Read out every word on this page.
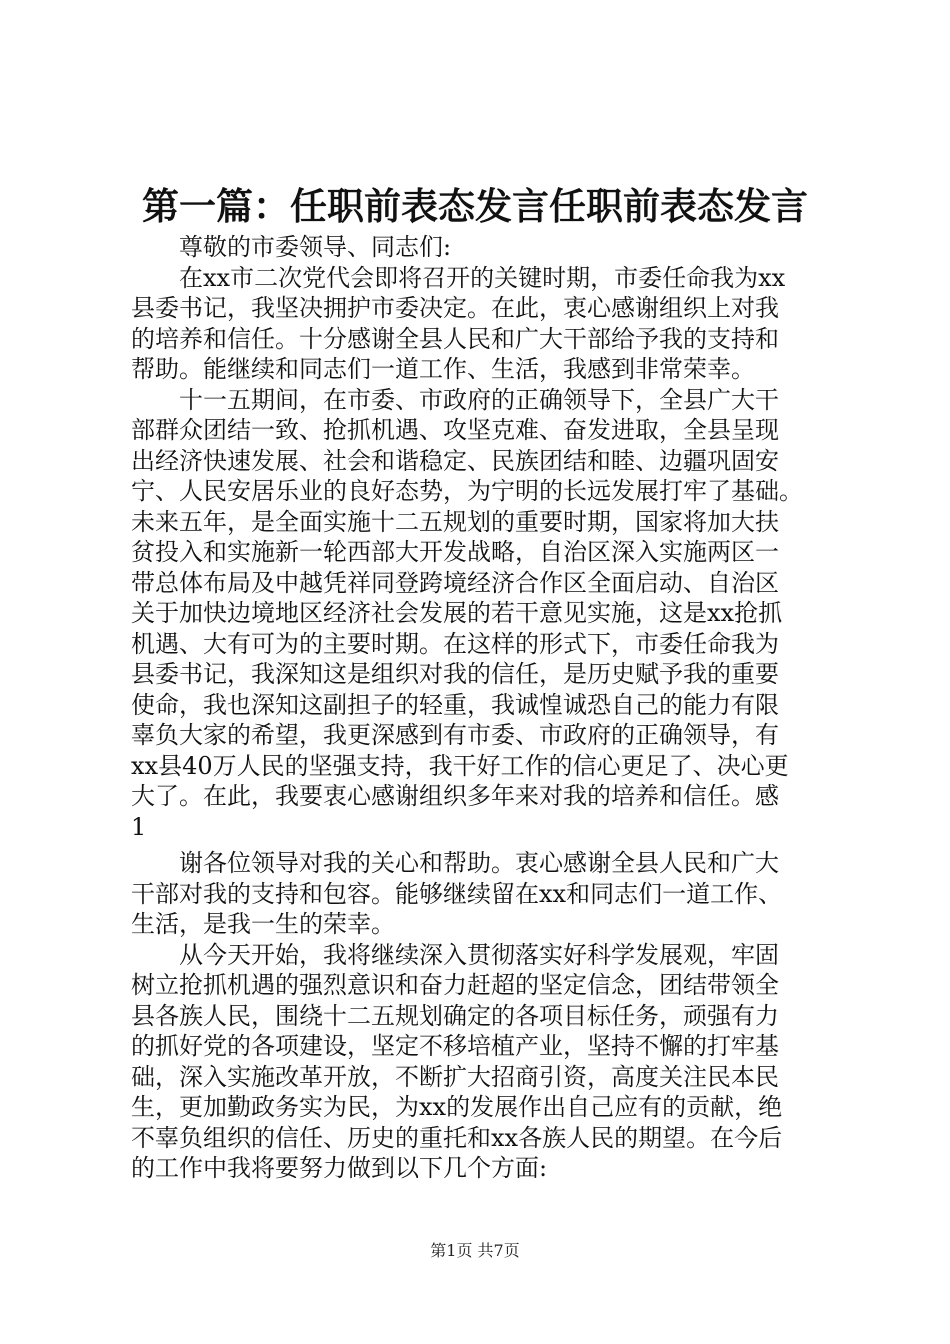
第一篇：任职前表态发言任职前表态发言
尊敬的市委领导、同志们:
在xx市二次党代会即将召开的关键时期，市委任命我为xx
县委书记，我坚决拥护市委决定。在此，衷心感谢组织上对我
的培养和信任。十分感谢全县人民和广大干部给予我的支持和
帮助。能继续和同志们一道工作、生活，我感到非常荣幸。
十一五期间，在市委、市政府的正确领导下，全县广大干
部群众团结一致、抢抓机遇、攻坚克难、奋发进取，全县呈现
出经济快速发展、社会和谐稳定、民族团结和睦、边疆巩固安
宁、人民安居乐业的良好态势，为宁明的长远发展打牢了基础。
未来五年，是全面实施十二五规划的重要时期，国家将加大扶
贫投入和实施新一轮西部大开发战略，自治区深入实施两区一
带总体布局及中越凭祥同登跨境经济合作区全面启动、自治区
关于加快边境地区经济社会发展的若干意见实施，这是xx抢抓
机遇、大有可为的主要时期。在这样的形式下，市委任命我为
县委书记，我深知这是组织对我的信任，是历史赋予我的重要
使命，我也深知这副担子的轻重，我诚惶诚恐自己的能力有限
辜负大家的希望，我更深感到有市委、市政府的正确领导，有
xx县40万人民的坚强支持，我干好工作的信心更足了、决心更
大了。在此，我要衷心感谢组织多年来对我的培养和信任。感
1
谢各位领导对我的关心和帮助。衷心感谢全县人民和广大
干部对我的支持和包容。能够继续留在xx和同志们一道工作、
生活，是我一生的荣幸。
从今天开始，我将继续深入贯彻落实好科学发展观，牢固
树立抢抓机遇的强烈意识和奋力赶超的坚定信念，团结带领全
县各族人民，围绕十二五规划确定的各项目标任务，顽强有力
的抓好党的各项建设，坚定不移培植产业，坚持不懈的打牢基
础，深入实施改革开放，不断扩大招商引资，高度关注民本民
生，更加勤政务实为民，为xx的发展作出自己应有的贡献，绝
不辜负组织的信任、历史的重托和xx各族人民的期望。在今后
的工作中我将要努力做到以下几个方面:
第1页 共7页
